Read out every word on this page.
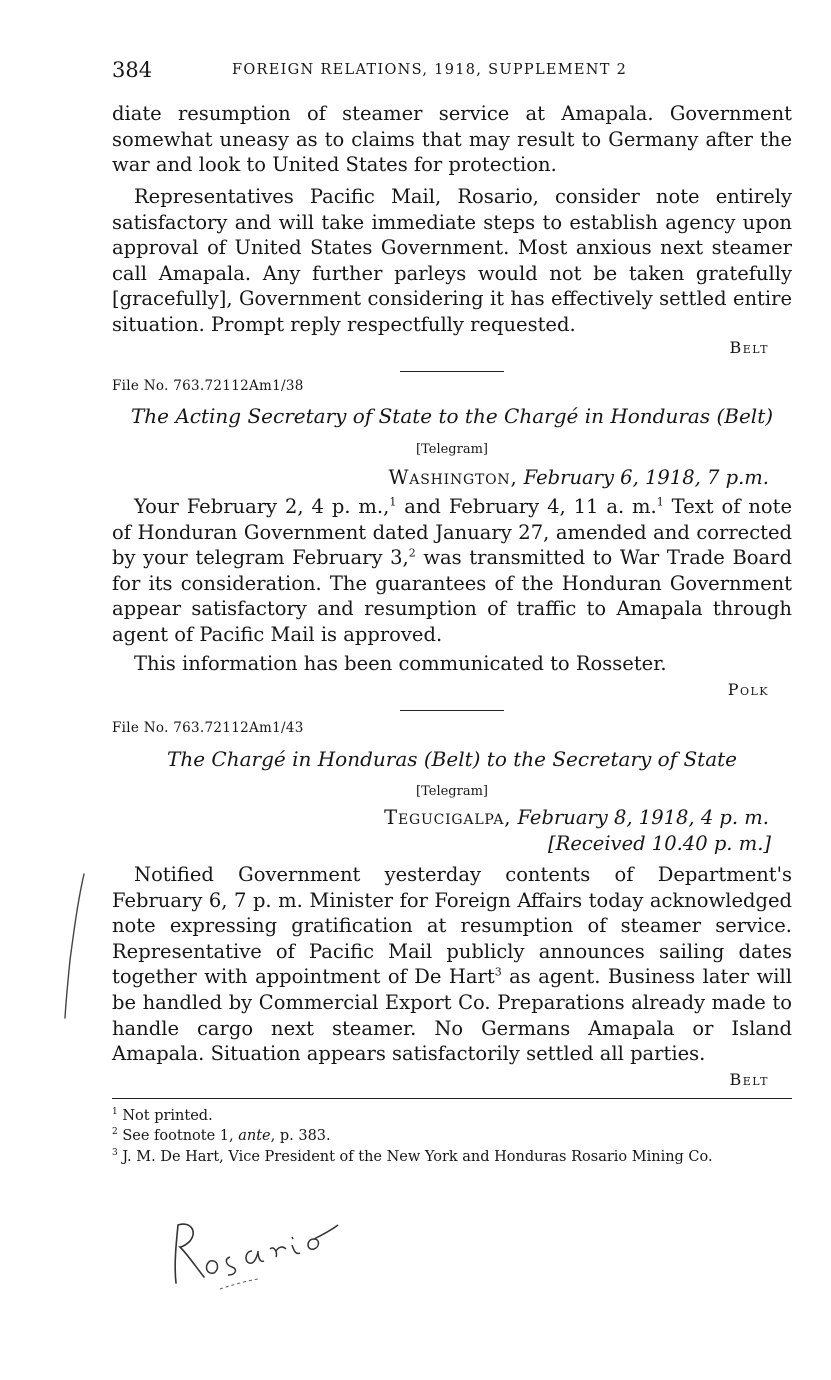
384	FOREIGN RELATIONS, 1918, SUPPLEMENT 2

diate resumption of steamer service at Amapala. Government somewhat uneasy as to claims that may result to Germany after the war and look to United States for protection.

Representatives Pacific Mail, Rosario, consider note entirely satisfactory and will take immediate steps to establish agency upon approval of United States Government. Most anxious next steamer call Amapala. Any further parleys would not be taken gratefully [gracefully], Government considering it has effectively settled entire situation. Prompt reply respectfully requested.

Belt
File No. 763.72112Am1/38
The Acting Secretary of State to the Chargé in Honduras (Belt)
[Telegram]
Washington, February 6, 1918, 7 p.m.

Your February 2, 4 p. m.,$^1$ and February 4, 11 a. m.$^1$ Text of note of Honduran Government dated January 27, amended and corrected by your telegram February 3,$^2$ was transmitted to War Trade Board for its consideration. The guarantees of the Honduran Government appear satisfactory and resumption of traffic to Amapala through agent of Pacific Mail is approved.

This information has been communicated to Rosseter.

Polk
File No. 763.72112Am1/43
The Chargé in Honduras (Belt) to the Secretary of State
[Telegram]
Tegucigalpa, February 8, 1918, 4 p. m.
[Received 10.40 p. m.]

Notified Government yesterday contents of Department's February 6, 7 p. m. Minister for Foreign Affairs today acknowledged note expressing gratification at resumption of steamer service. Representative of Pacific Mail publicly announces sailing dates together with appointment of De Hart$^3$ as agent. Business later will be handled by Commercial Export Co. Preparations already made to handle cargo next steamer. No Germans Amapala or Island Amapala. Situation appears satisfactorily settled all parties.

Belt

$^1$ Not printed.

$^2$ See footnote 1, ante, p. 383.

$^3$ J. M. De Hart, Vice President of the New York and Honduras Rosario Mining Co.
